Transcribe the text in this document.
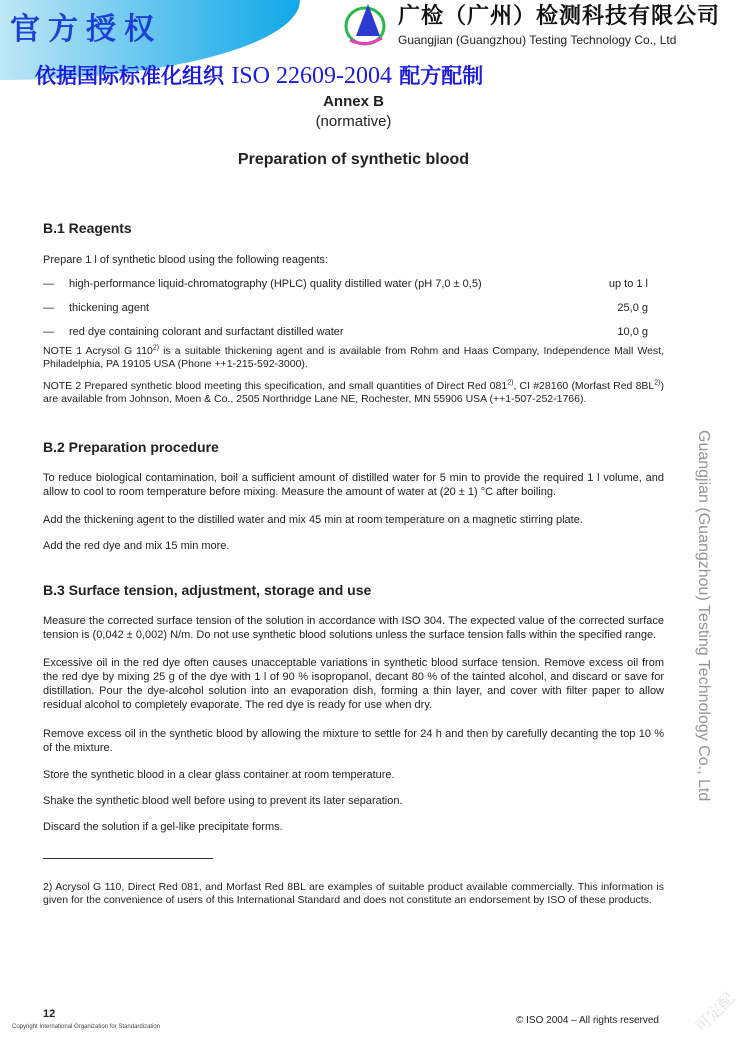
官方授权	广检（广州）检测科技有限公司
Guangjian (Guangzhou) Testing Technology Co., Ltd
依据国际标准化组织 ISO 22609-2004 配方配制
Annex B
(normative)
Preparation of synthetic blood
B.1 Reagents
Prepare 1 l of synthetic blood using the following reagents:
—	high-performance liquid-chromatography (HPLC) quality distilled water (pH 7,0 ± 0,5)	up to 1 l
—	thickening agent	25,0 g
—	red dye containing colorant and surfactant distilled water	10,0 g
NOTE 1 Acrysol G 110$^{2)}$ is a suitable thickening agent and is available from Rohm and Haas Company, Independence Mall West, Philadelphia, PA 19105 USA (Phone ++1-215-592-3000).
NOTE 2 Prepared synthetic blood meeting this specification, and small quantities of Direct Red 081$^{2)}$, CI #28160 (Morfast Red 8BL$^{2)}$) are available from Johnson, Moen & Co., 2505 Northridge Lane NE, Rochester, MN 55906 USA (++1-507-252-1766).
B.2 Preparation procedure
To reduce biological contamination, boil a sufficient amount of distilled water for 5 min to provide the required 1 l volume, and allow to cool to room temperature before mixing. Measure the amount of water at (20 ± 1) °C after boiling.
Add the thickening agent to the distilled water and mix 45 min at room temperature on a magnetic stirring plate.
Add the red dye and mix 15 min more.
B.3 Surface tension, adjustment, storage and use
Measure the corrected surface tension of the solution in accordance with ISO 304. The expected value of the corrected surface tension is (0,042 ± 0,002) N/m. Do not use synthetic blood solutions unless the surface tension falls within the specified range.
Excessive oil in the red dye often causes unacceptable variations in synthetic blood surface tension. Remove excess oil from the red dye by mixing 25 g of the dye with 1 l of 90 % isopropanol, decant 80 % of the tainted alcohol, and discard or save for distillation. Pour the dye-alcohol solution into an evaporation dish, forming a thin layer, and cover with filter paper to allow residual alcohol to completely evaporate. The red dye is ready for use when dry.
Remove excess oil in the synthetic blood by allowing the mixture to settle for 24 h and then by carefully decanting the top 10 % of the mixture.
Store the synthetic blood in a clear glass container at room temperature.
Shake the synthetic blood well before using to prevent its later separation.
Discard the solution if a gel-like precipitate forms.
2) Acrysol G 110, Direct Red 081, and Morfast Red 8BL are examples of suitable product available commercially. This information is given for the convenience of users of this International Standard and does not constitute an endorsement by ISO of these products.
12
Copyright International Organization for Standardization
© ISO 2004 – All rights reserved
Guangjian (Guangzhou) Testing Technology Co., Ltd
可定配
